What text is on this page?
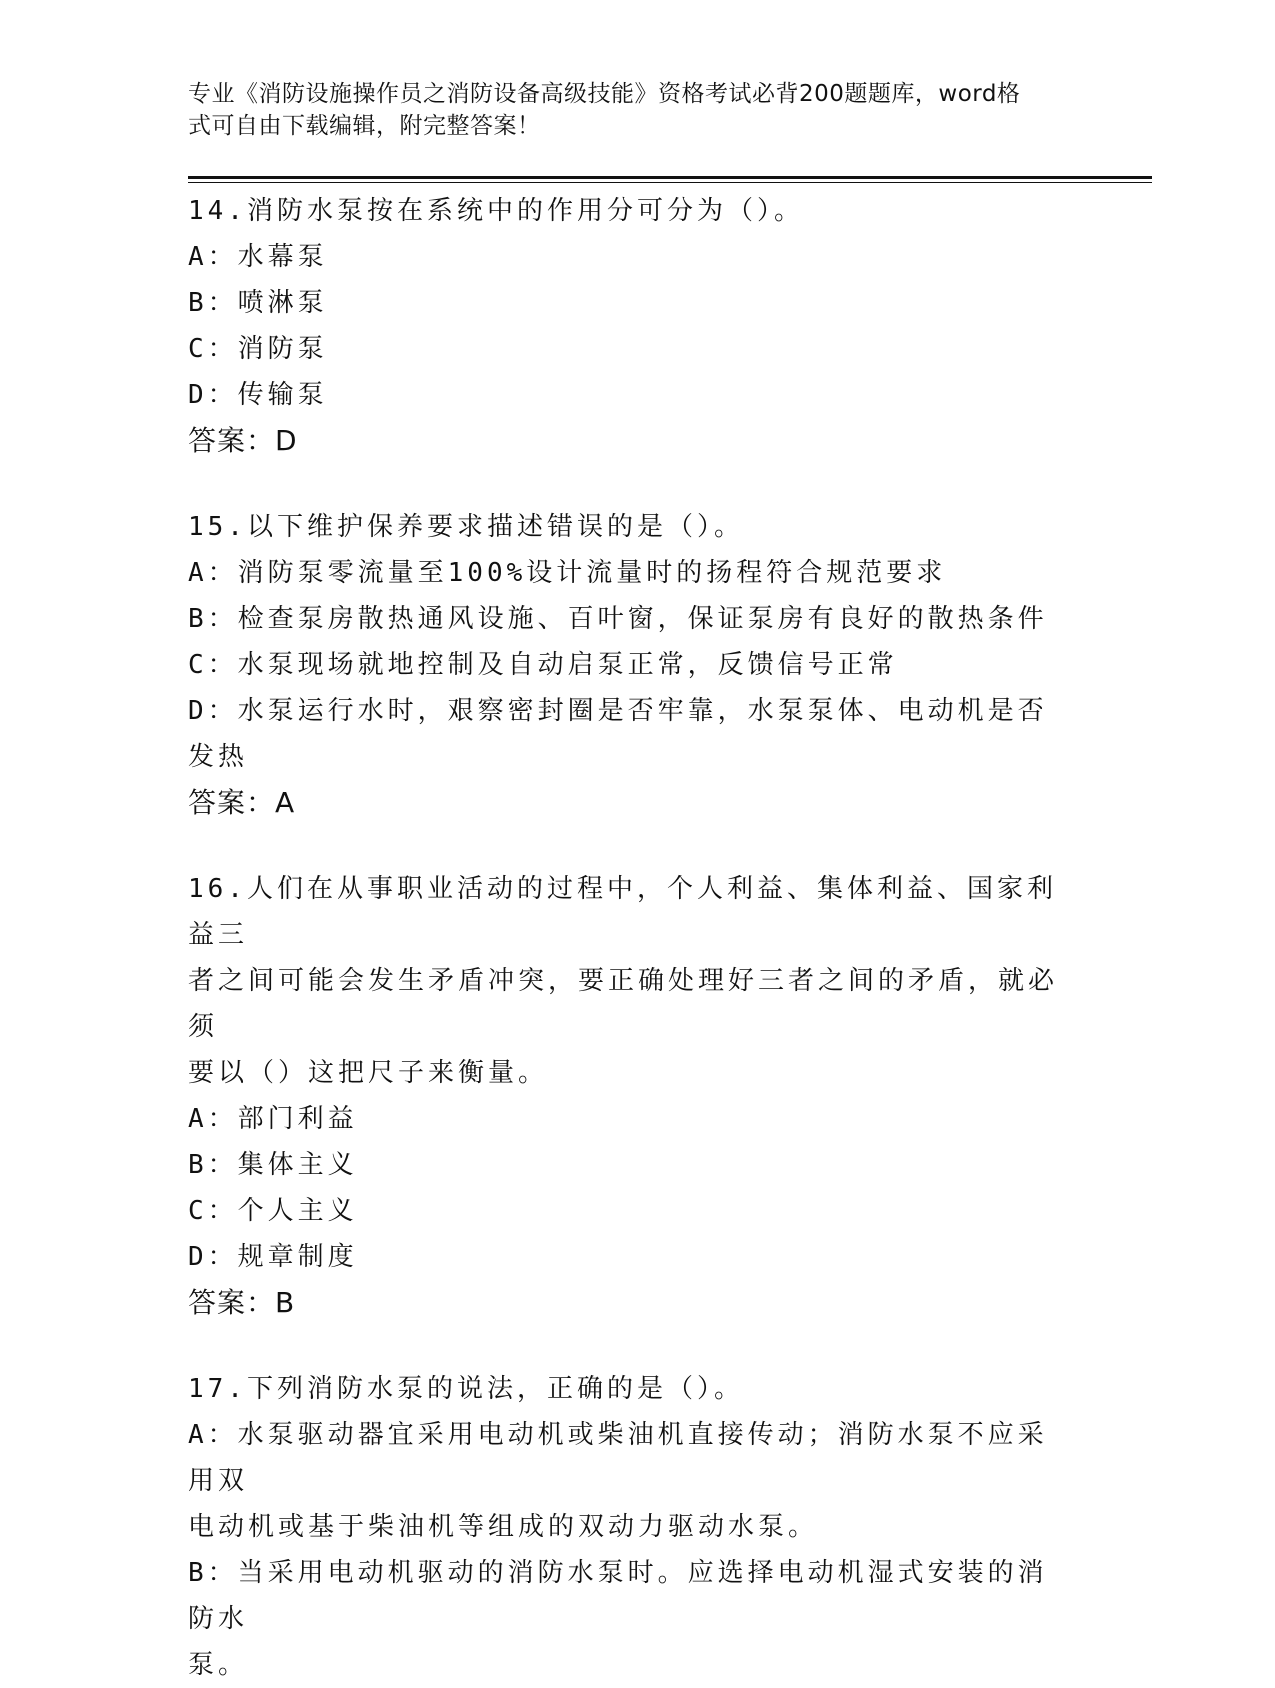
专业《消防设施操作员之消防设备高级技能》资格考试必背200题题库，word格
式可自由下载编辑，附完整答案！
14.消防水泵按在系统中的作用分可分为（）。
A：水幕泵
B：喷淋泵
C：消防泵
D：传输泵
答案：D
15.以下维护保养要求描述错误的是（）。
A：消防泵零流量至100%设计流量时的扬程符合规范要求
B：检查泵房散热通风设施、百叶窗，保证泵房有良好的散热条件
C：水泵现场就地控制及自动启泵正常，反馈信号正常
D：水泵运行水时，艰察密封圈是否牢靠，水泵泵体、电动机是否发热
答案：A
16.人们在从事职业活动的过程中，个人利益、集体利益、国家利益三
者之间可能会发生矛盾冲突，要正确处理好三者之间的矛盾，就必须
要以（）这把尺子来衡量。
A：部门利益
B：集体主义
C：个人主义
D：规章制度
答案：B
17.下列消防水泵的说法，正确的是（）。
A：水泵驱动器宜采用电动机或柴油机直接传动；消防水泵不应采用双
电动机或基于柴油机等组成的双动力驱动水泵。
B：当采用电动机驱动的消防水泵时。应选择电动机湿式安装的消防水
泵。
